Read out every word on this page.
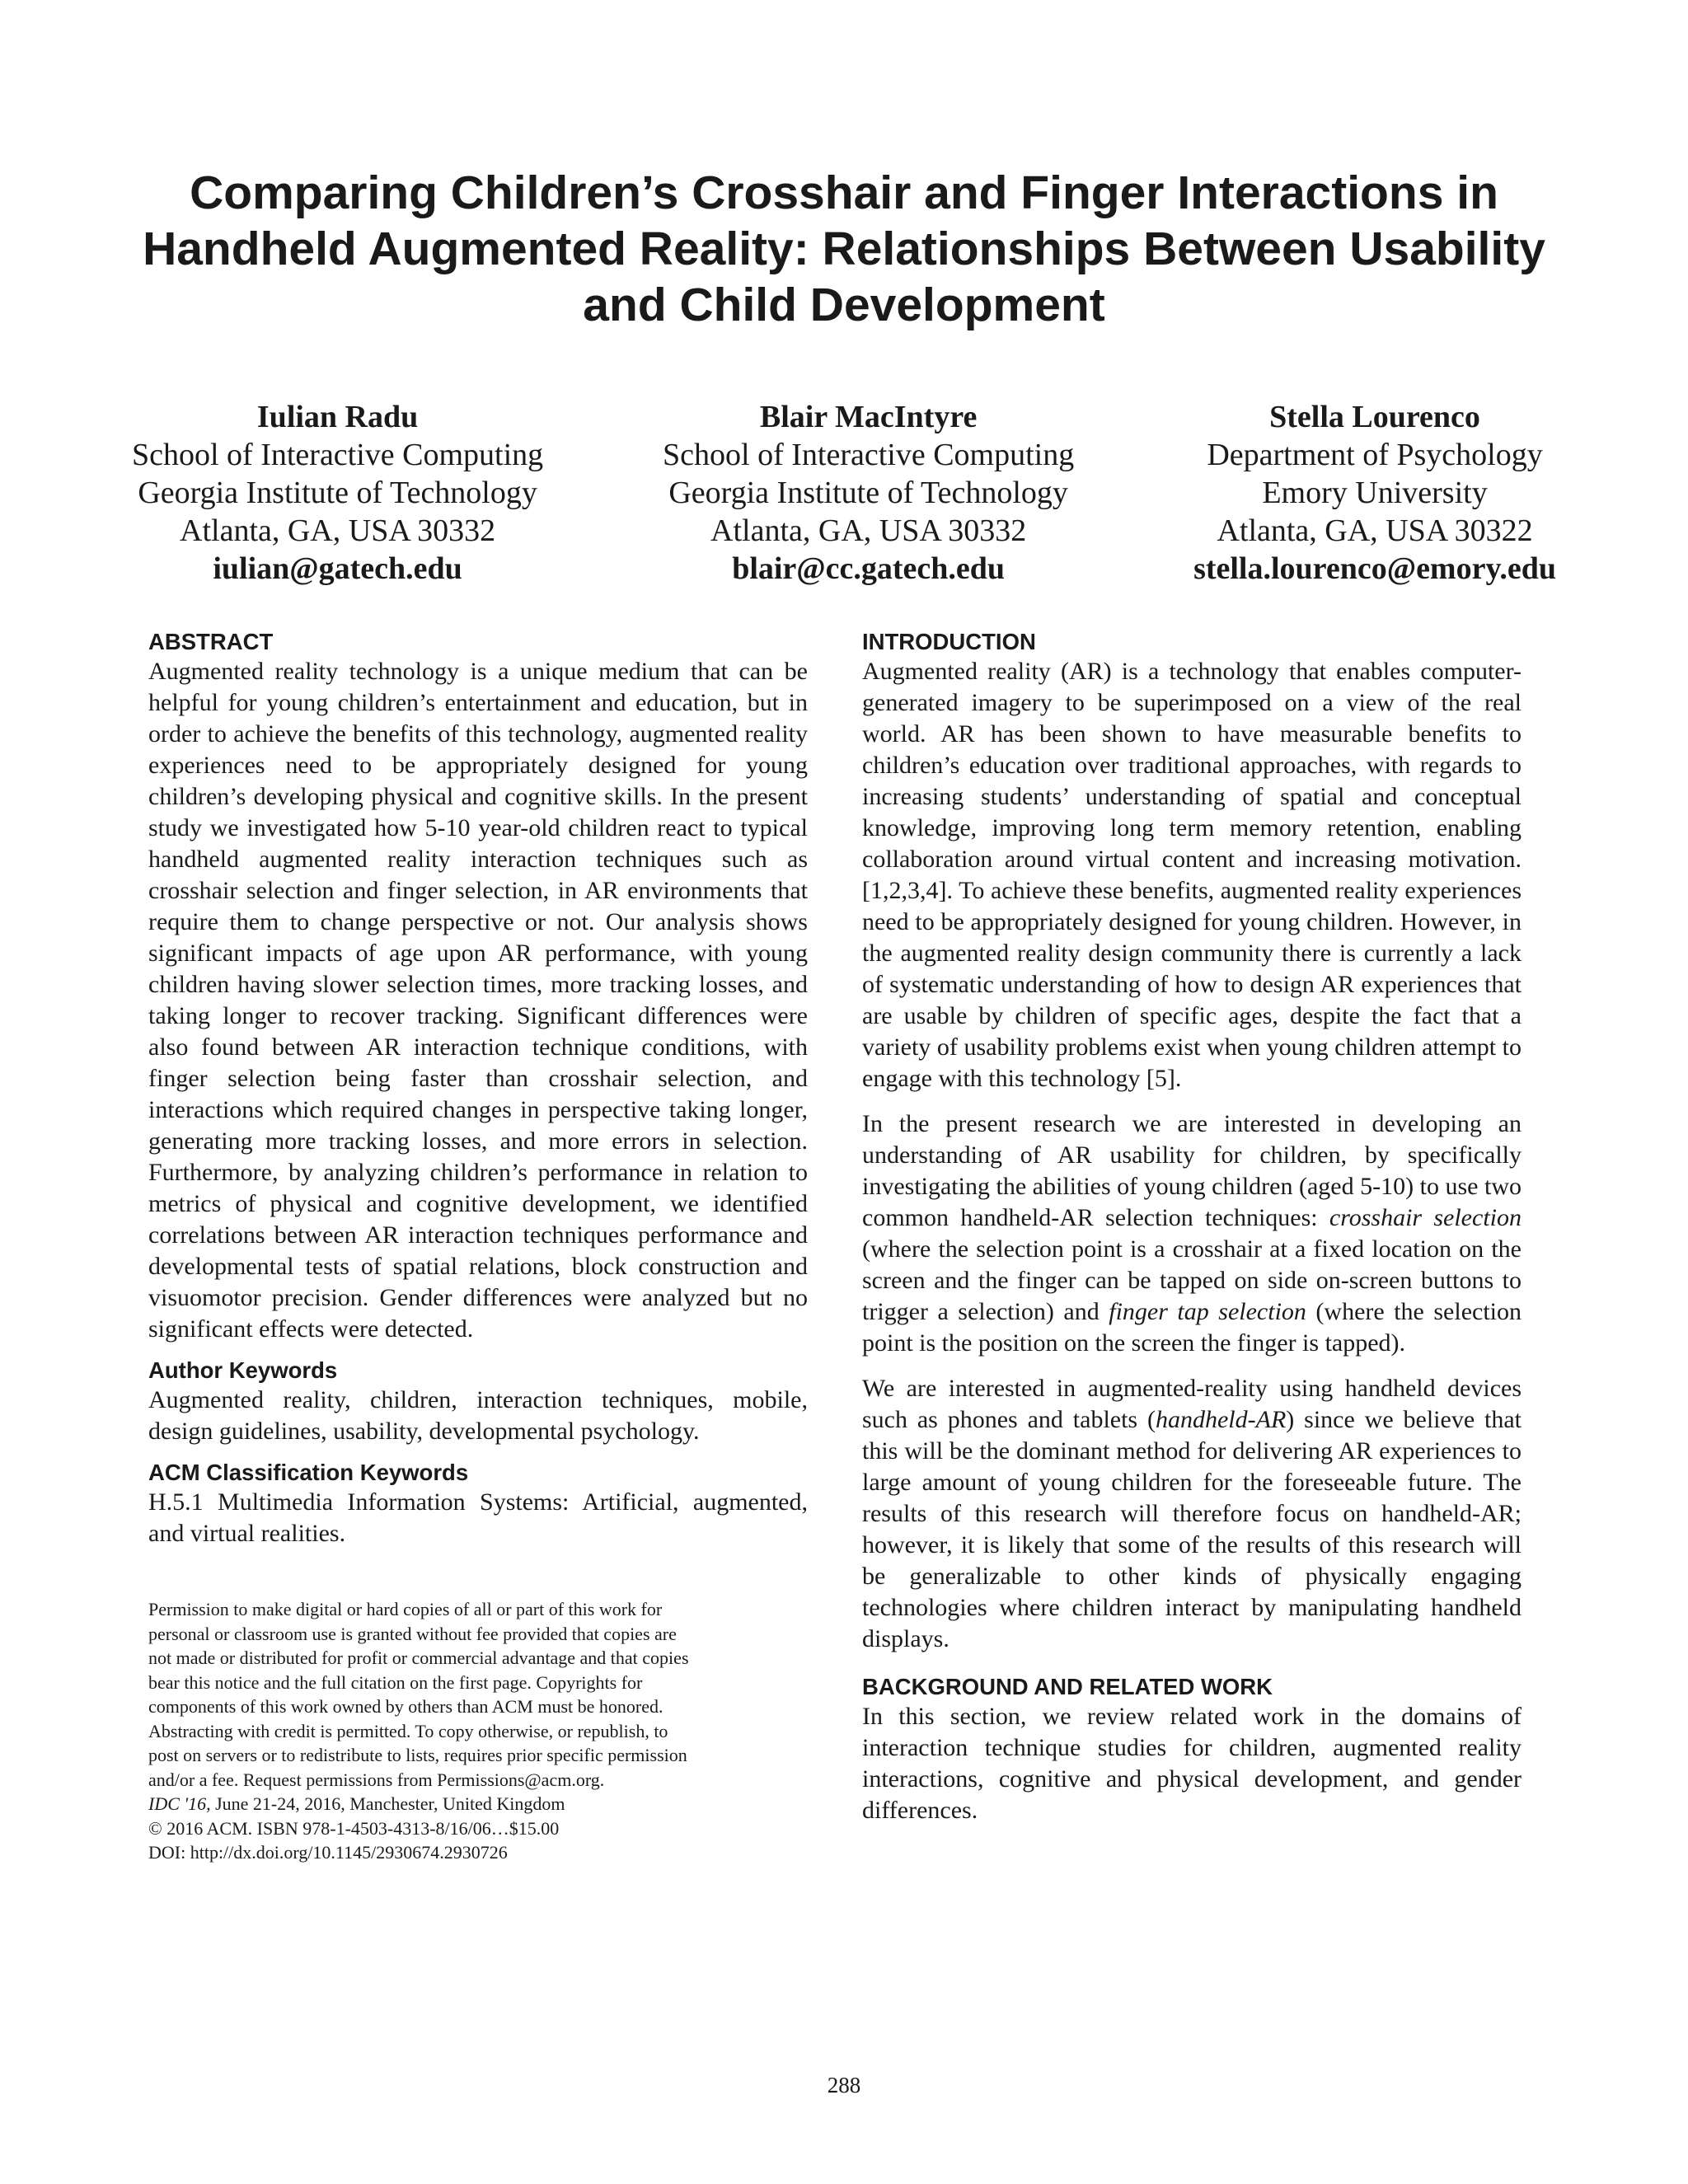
Comparing Children’s Crosshair and Finger Interactions in Handheld Augmented Reality: Relationships Between Usability and Child Development
Iulian Radu
School of Interactive Computing
Georgia Institute of Technology
Atlanta, GA, USA 30332
iulian@gatech.edu
Blair MacIntyre
School of Interactive Computing
Georgia Institute of Technology
Atlanta, GA, USA 30332
blair@cc.gatech.edu
Stella Lourenco
Department of Psychology
Emory University
Atlanta, GA, USA 30322
stella.lourenco@emory.edu
ABSTRACT

Augmented reality technology is a unique medium that can be helpful for young children’s entertainment and education, but in order to achieve the benefits of this technology, augmented reality experiences need to be appropriately designed for young children’s developing physical and cognitive skills. In the present study we investigated how 5-10 year-old children react to typical handheld augmented reality interaction techniques such as crosshair selection and finger selection, in AR environments that require them to change perspective or not. Our analysis shows significant impacts of age upon AR performance, with young children having slower selection times, more tracking losses, and taking longer to recover tracking. Significant differences were also found between AR interaction technique conditions, with finger selection being faster than crosshair selection, and interactions which required changes in perspective taking longer, generating more tracking losses, and more errors in selection. Furthermore, by analyzing children’s performance in relation to metrics of physical and cognitive development, we identified correlations between AR interaction techniques performance and developmental tests of spatial relations, block construction and visuomotor precision. Gender differences were analyzed but no significant effects were detected.

Author Keywords

Augmented reality, children, interaction techniques, mobile, design guidelines, usability, developmental psychology.

ACM Classification Keywords

H.5.1 Multimedia Information Systems: Artificial, augmented, and virtual realities.

Permission to make digital or hard copies of all or part of this work for
personal or classroom use is granted without fee provided that copies are
not made or distributed for profit or commercial advantage and that copies
bear this notice and the full citation on the first page. Copyrights for
components of this work owned by others than ACM must be honored.
Abstracting with credit is permitted. To copy otherwise, or republish, to
post on servers or to redistribute to lists, requires prior specific permission
and/or a fee. Request permissions from Permissions@acm.org.
IDC '16, June 21-24, 2016, Manchester, United Kingdom
© 2016 ACM. ISBN 978-1-4503-4313-8/16/06…$15.00
DOI: http://dx.doi.org/10.1145/2930674.2930726
INTRODUCTION

Augmented reality (AR) is a technology that enables computer-generated imagery to be superimposed on a view of the real world. AR has been shown to have measurable benefits to children’s education over traditional approaches, with regards to increasing students’ understanding of spatial and conceptual knowledge, improving long term memory retention, enabling collaboration around virtual content and increasing motivation. [1,2,3,4]. To achieve these benefits, augmented reality experiences need to be appropriately designed for young children. However, in the augmented reality design community there is currently a lack of systematic understanding of how to design AR experiences that are usable by children of specific ages, despite the fact that a variety of usability problems exist when young children attempt to engage with this technology [5].

In the present research we are interested in developing an understanding of AR usability for children, by specifically investigating the abilities of young children (aged 5-10) to use two common handheld-AR selection techniques: crosshair selection (where the selection point is a crosshair at a fixed location on the screen and the finger can be tapped on side on-screen buttons to trigger a selection) and finger tap selection (where the selection point is the position on the screen the finger is tapped).

We are interested in augmented-reality using handheld devices such as phones and tablets (handheld-AR) since we believe that this will be the dominant method for delivering AR experiences to large amount of young children for the foreseeable future. The results of this research will therefore focus on handheld-AR; however, it is likely that some of the results of this research will be generalizable to other kinds of physically engaging technologies where children interact by manipulating handheld displays.

BACKGROUND AND RELATED WORK

In this section, we review related work in the domains of interaction technique studies for children, augmented reality interactions, cognitive and physical development, and gender differences.

288
